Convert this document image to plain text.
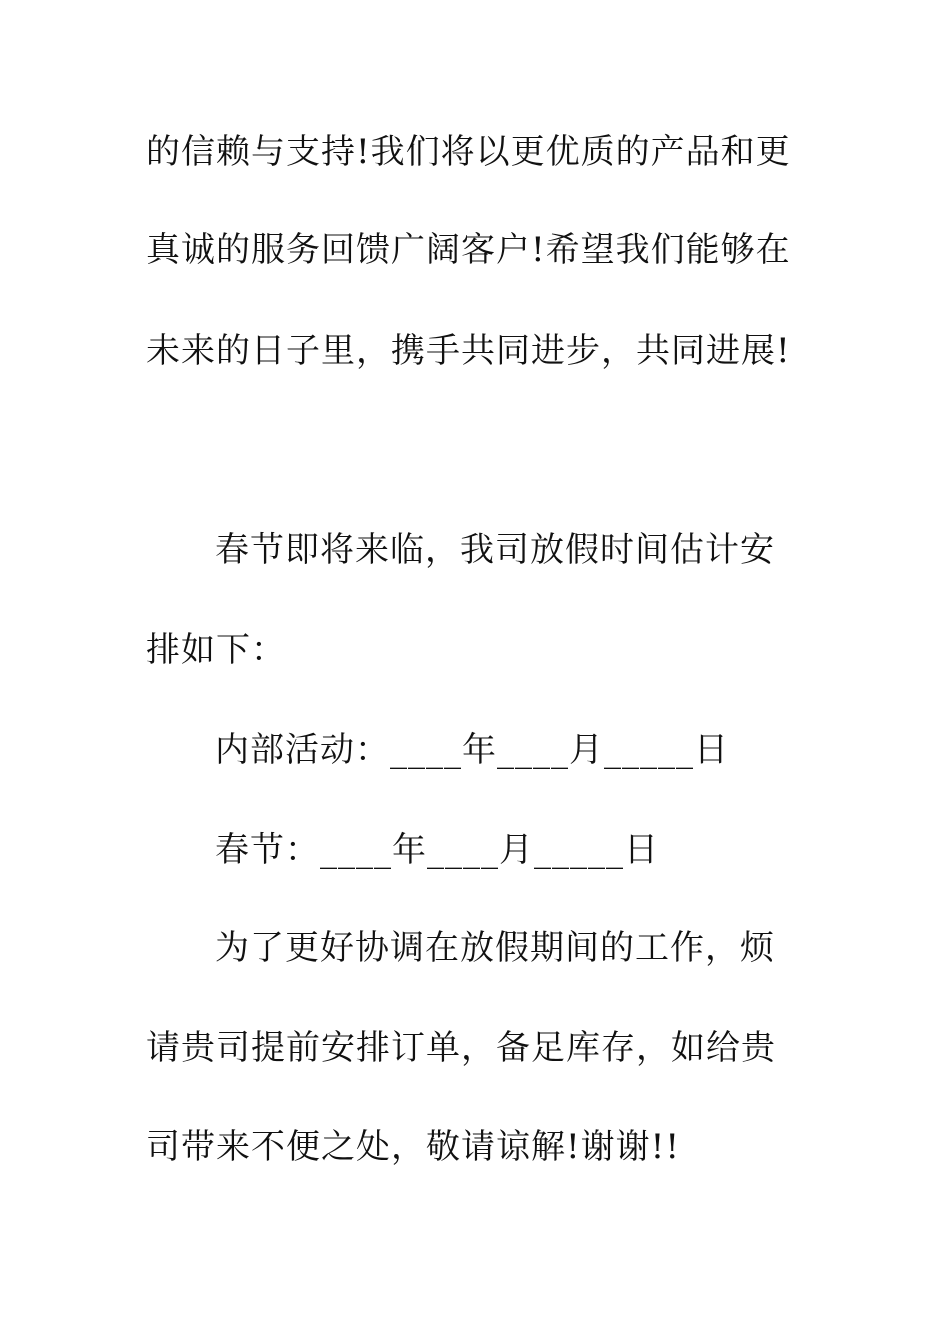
的信赖与支持!我们将以更优质的产品和更
真诚的服务回馈广阔客户!希望我们能够在
未来的日子里，携手共同进步，共同进展!
春节即将来临，我司放假时间估计安
排如下：
内部活动：____年____月_____日
春节：____年____月_____日
为了更好协调在放假期间的工作，烦
请贵司提前安排订单，备足库存，如给贵
司带来不便之处，敬请谅解!谢谢!!
